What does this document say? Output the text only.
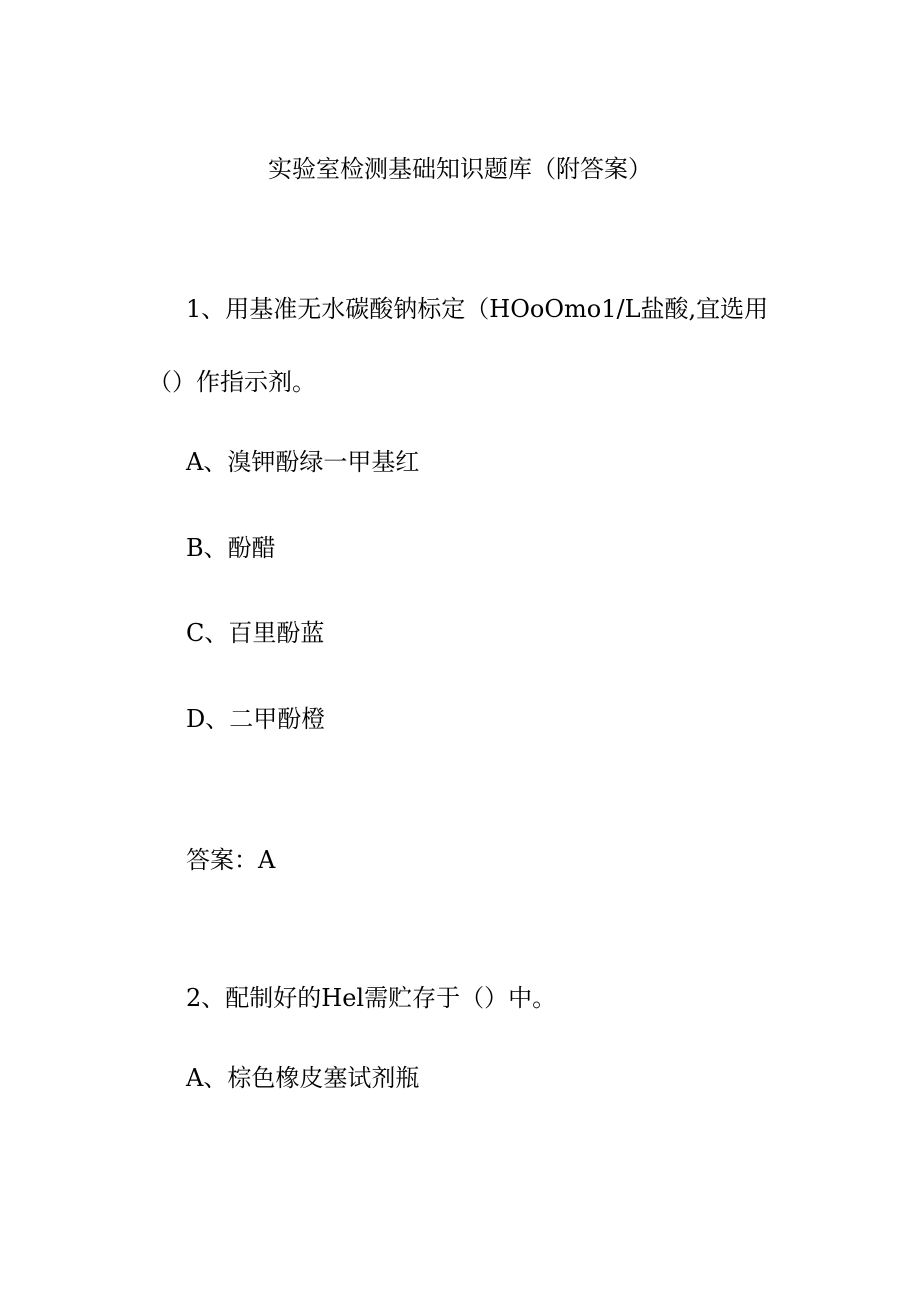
实验室检测基础知识题库（附答案）
1、用基准无水碳酸钠标定（HOoOmo1/L盐酸,宜选用
（）作指示剂。
A、溴钾酚绿一甲基红
B、酚醋
C、百里酚蓝
D、二甲酚橙
答案：A
2、配制好的Hel需贮存于（）中。
A、棕色橡皮塞试剂瓶
